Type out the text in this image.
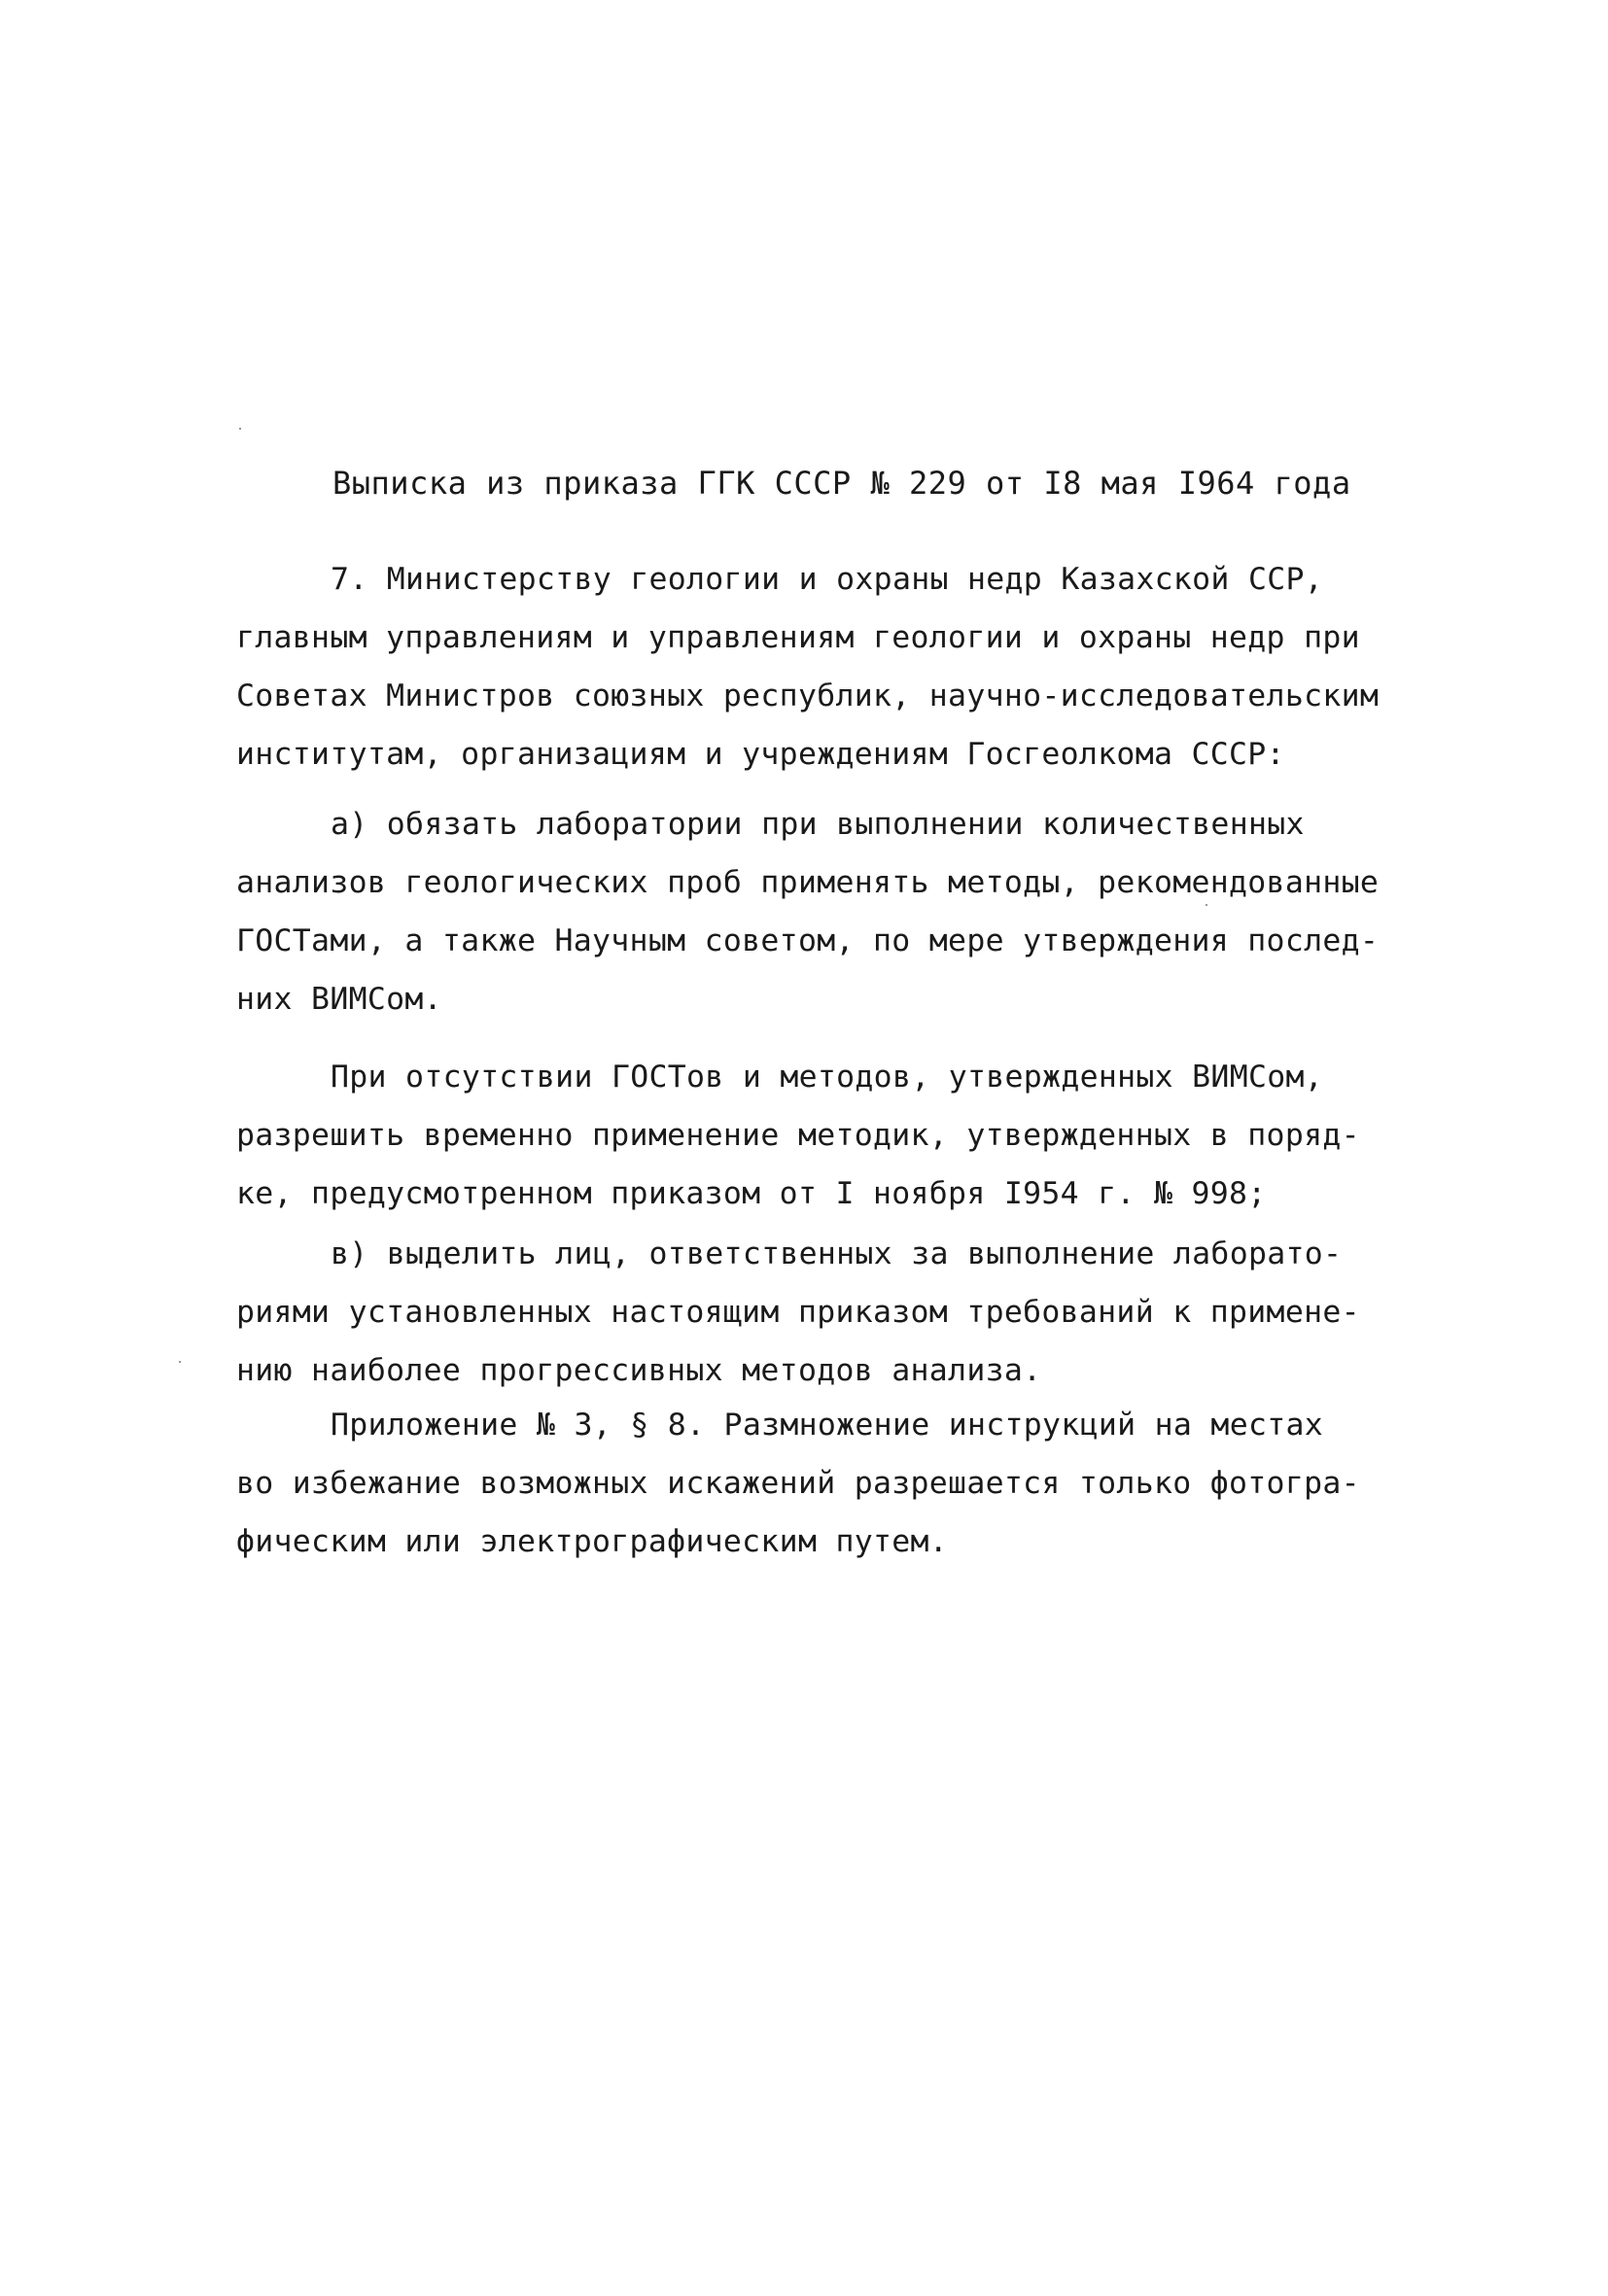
Выписка из приказа ГГК СССР № 229 от I8 мая I964 года
7. Министерству геологии и охраны недр Казахской ССР,
главным управлениям и управлениям геологии и охраны недр при
Советах Министров союзных республик, научно-исследовательским
институтам, организациям и учреждениям Госгеолкома СССР:
а) обязать лаборатории при выполнении количественных
анализов геологических проб применять методы, рекомендованные
ГОСТами, а также Научным советом, по мере утверждения послед-
них ВИМСом.
При отсутствии ГОСТов и методов, утвержденных ВИМСом,
разрешить временно применение методик, утвержденных в поряд-
ке, предусмотренном приказом от I ноября I954 г. № 998;
в) выделить лиц, ответственных за выполнение лаборато-
риями установленных настоящим приказом требований к примене-
нию наиболее прогрессивных методов анализа.
Приложение № 3, § 8. Размножение инструкций на местах
во избежание возможных искажений разрешается только фотогра-
фическим или электрографическим путем.
